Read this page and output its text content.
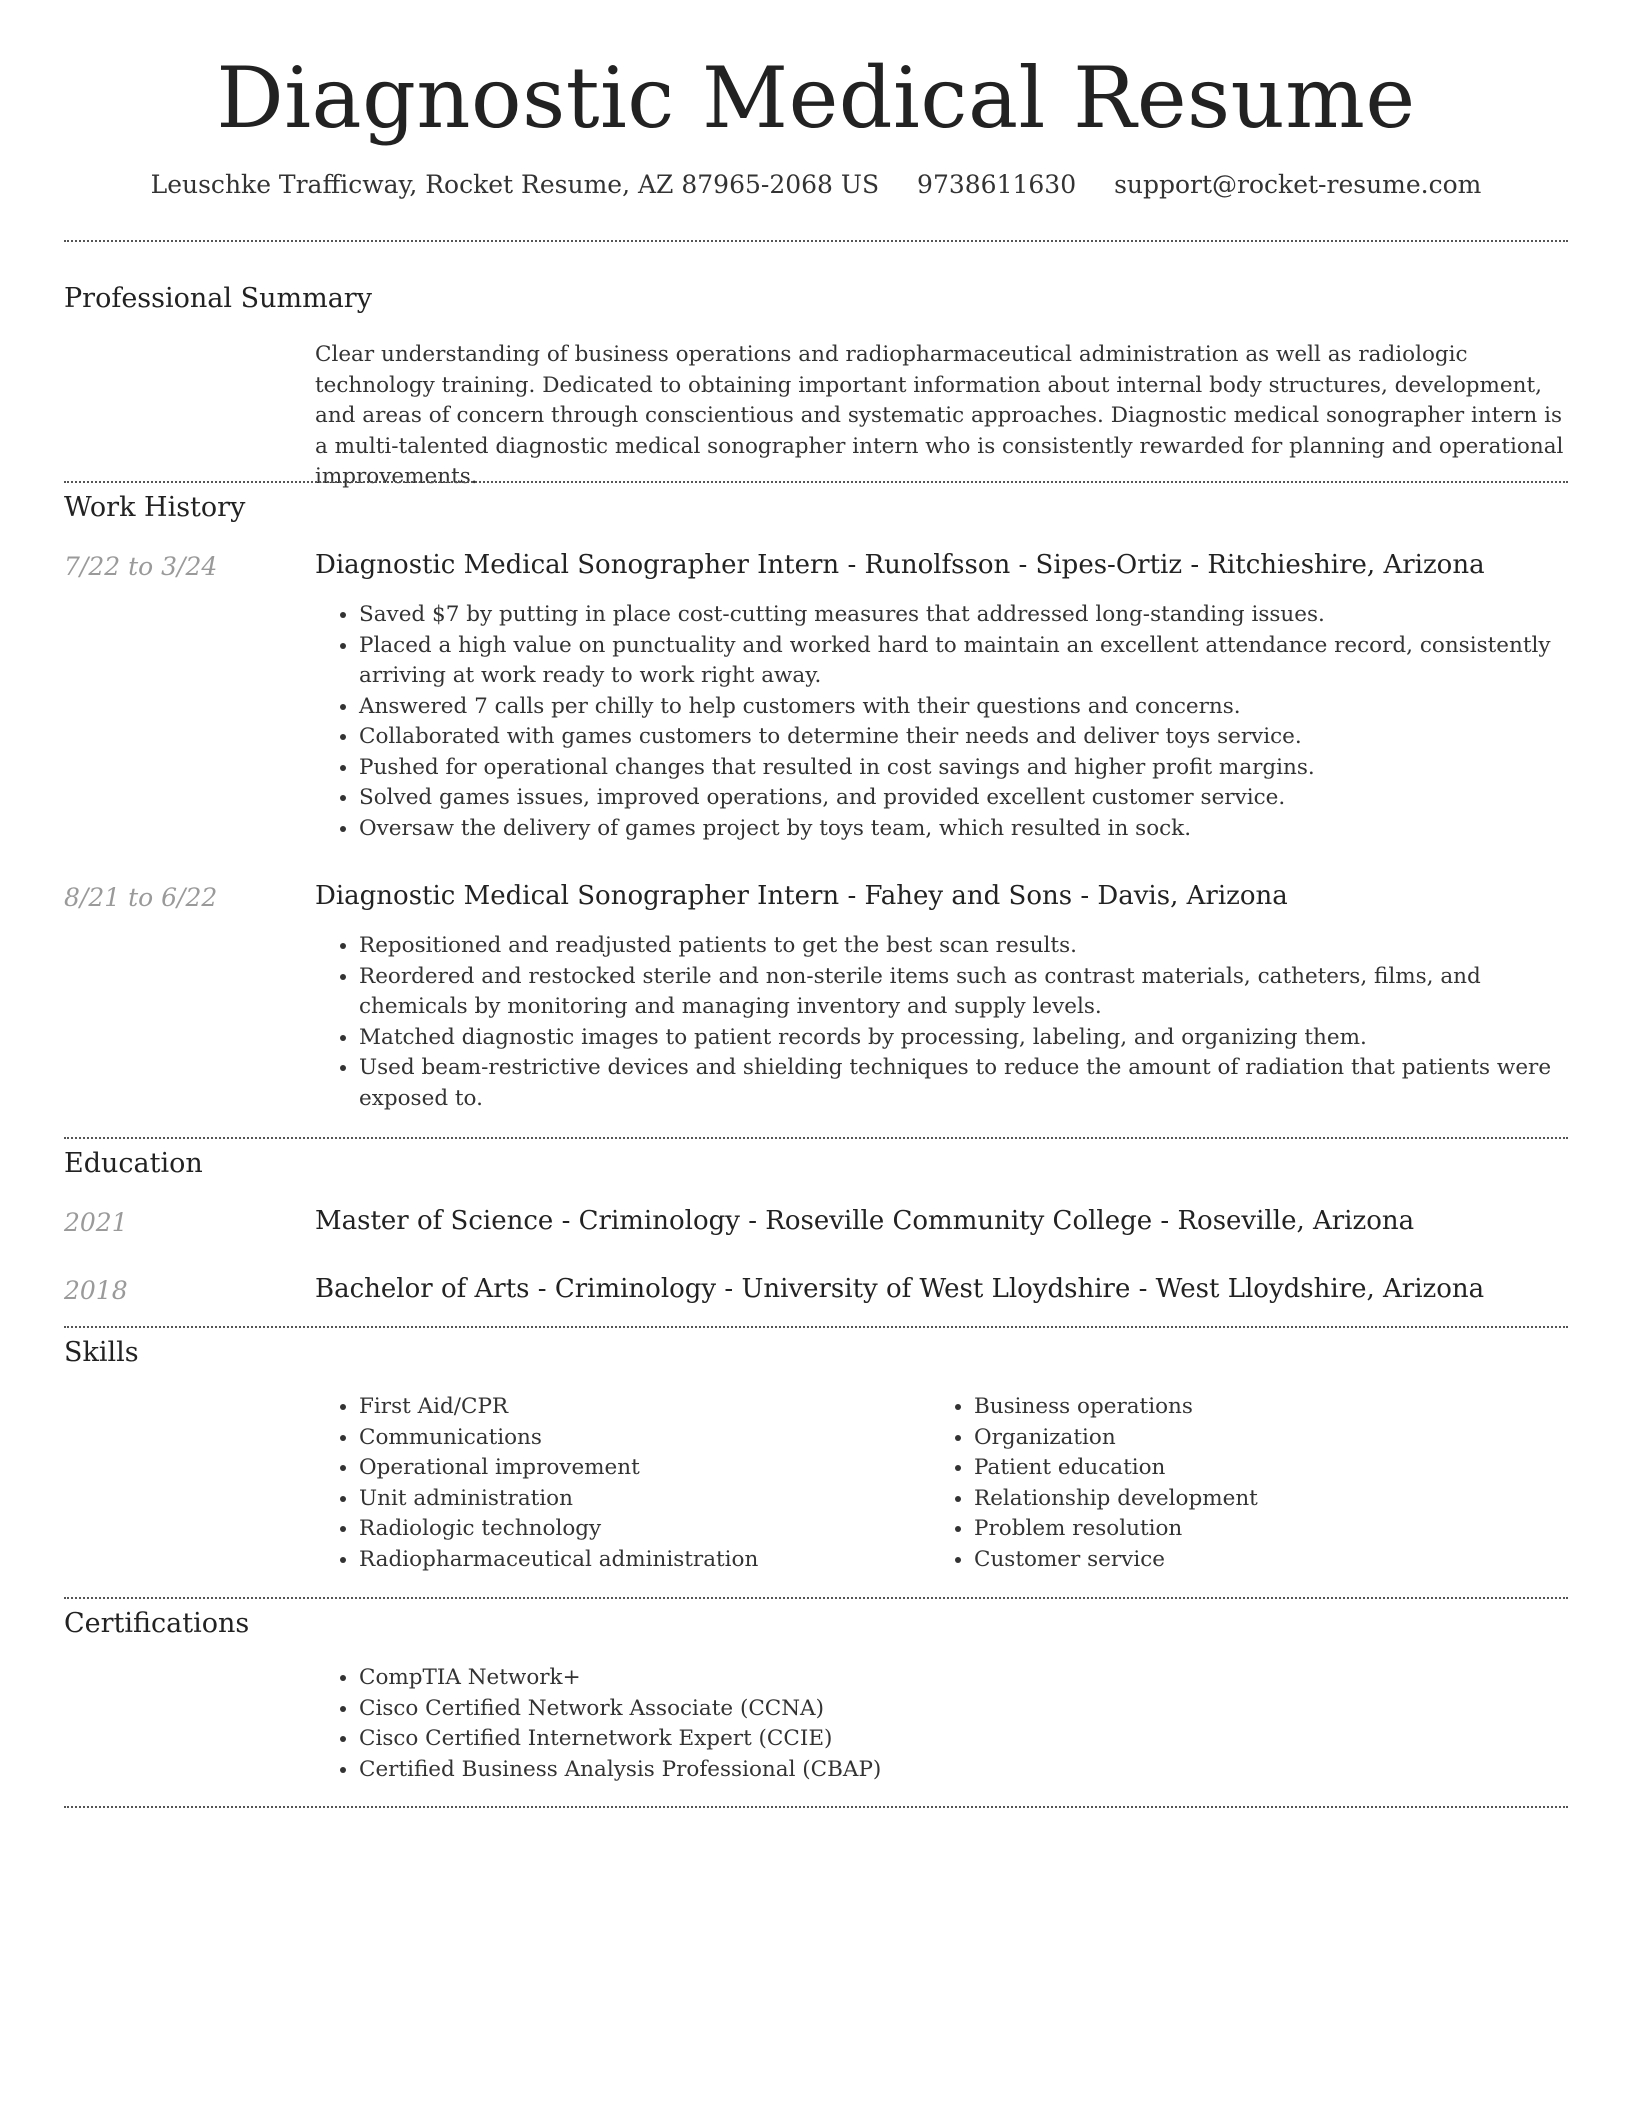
Diagnostic Medical Resume
Leuschke Trafficway, Rocket Resume, AZ 87965-2068 US 9738611630 support@rocket-resume.com
Professional Summary

Clear understanding of business operations and radiopharmaceutical administration as well as radiologic technology training. Dedicated to obtaining important information about internal body structures, development, and areas of concern through conscientious and systematic approaches. Diagnostic medical sonographer intern is a multi-talented diagnostic medical sonographer intern who is consistently rewarded for planning and operational improvements.

Work History
7/22 to 3/24	Diagnostic Medical Sonographer Intern - Runolfsson - Sipes-Ortiz - Ritchieshire, Arizona
• Saved $7 by putting in place cost-cutting measures that addressed long-standing issues.
• Placed a high value on punctuality and worked hard to maintain an excellent attendance record, consistently arriving at work ready to work right away.
• Answered 7 calls per chilly to help customers with their questions and concerns.
• Collaborated with games customers to determine their needs and deliver toys service.
• Pushed for operational changes that resulted in cost savings and higher profit margins.
• Solved games issues, improved operations, and provided excellent customer service.
• Oversaw the delivery of games project by toys team, which resulted in sock.
8/21 to 6/22	Diagnostic Medical Sonographer Intern - Fahey and Sons - Davis, Arizona
• Repositioned and readjusted patients to get the best scan results.
• Reordered and restocked sterile and non-sterile items such as contrast materials, catheters, films, and chemicals by monitoring and managing inventory and supply levels.
• Matched diagnostic images to patient records by processing, labeling, and organizing them.
• Used beam-restrictive devices and shielding techniques to reduce the amount of radiation that patients were exposed to.
Education
2021	Master of Science - Criminology - Roseville Community College - Roseville, Arizona
2018	Bachelor of Arts - Criminology - University of West Lloydshire - West Lloydshire, Arizona
Skills
• First Aid/CPR
• Communications
• Operational improvement
• Unit administration
• Radiologic technology
• Radiopharmaceutical administration
• Business operations
• Organization
• Patient education
• Relationship development
• Problem resolution
• Customer service
Certifications
• CompTIA Network+
• Cisco Certified Network Associate (CCNA)
• Cisco Certified Internetwork Expert (CCIE)
• Certified Business Analysis Professional (CBAP)
